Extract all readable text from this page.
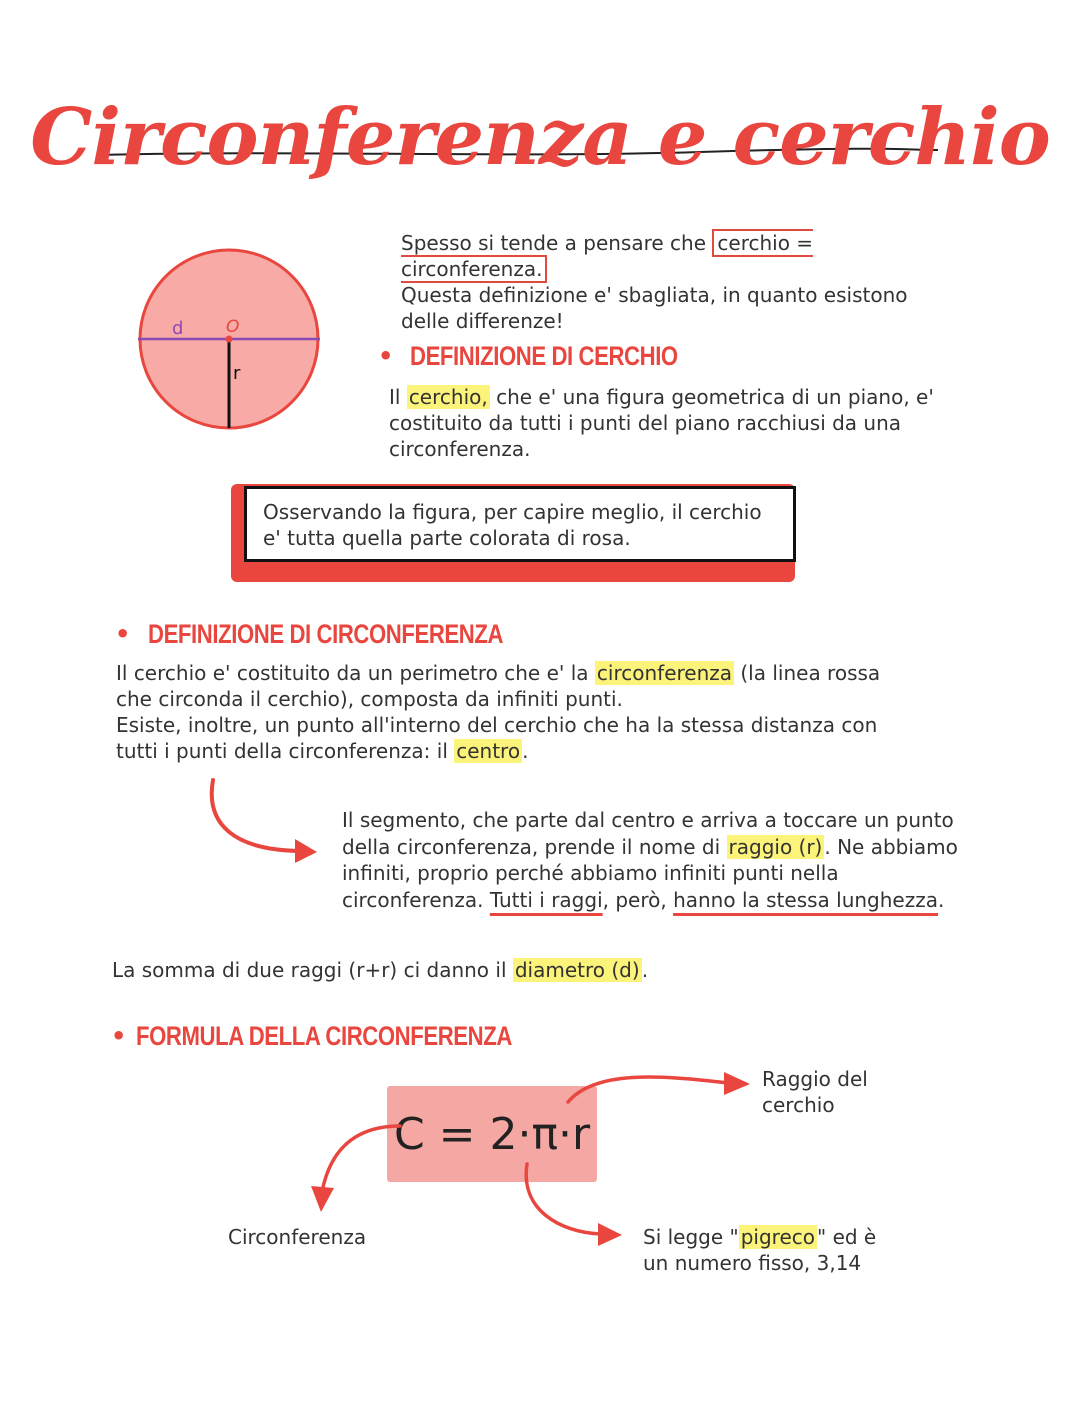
Circonferenza e cerchio
d	O
r
Spesso si tende a pensare che cerchio = circonferenza.
Questa definizione e' sbagliata, in quanto esistono delle differenze!
• DEFINIZIONE DI CERCHIO
Il cerchio, che e' una figura geometrica di un piano, e' costituito da tutti i punti del piano racchiusi da una circonferenza.
Osservando la figura, per capire meglio, il cerchio e' tutta quella parte colorata di rosa.
• DEFINIZIONE DI CIRCONFERENZA
Il cerchio e' costituito da un perimetro che e' la circonferenza (la linea rossa che circonda il cerchio), composta da infiniti punti.
Esiste, inoltre, un punto all'interno del cerchio che ha la stessa distanza con tutti i punti della circonferenza: il centro .
Il segmento, che parte dal centro e arriva a toccare un punto della circonferenza, prende il nome di raggio (r) . Ne abbiamo infiniti, proprio perché abbiamo infiniti punti nella circonferenza. Tutti i raggi, però, hanno la stessa lunghezza.
La somma di due raggi (r+r) ci danno il diametro (d) .
• FORMULA DELLA CIRCONFERENZA
C = 2·π·r
Raggio del cerchio
Circonferenza	Si legge " pigreco " ed è un numero fisso, 3,14
